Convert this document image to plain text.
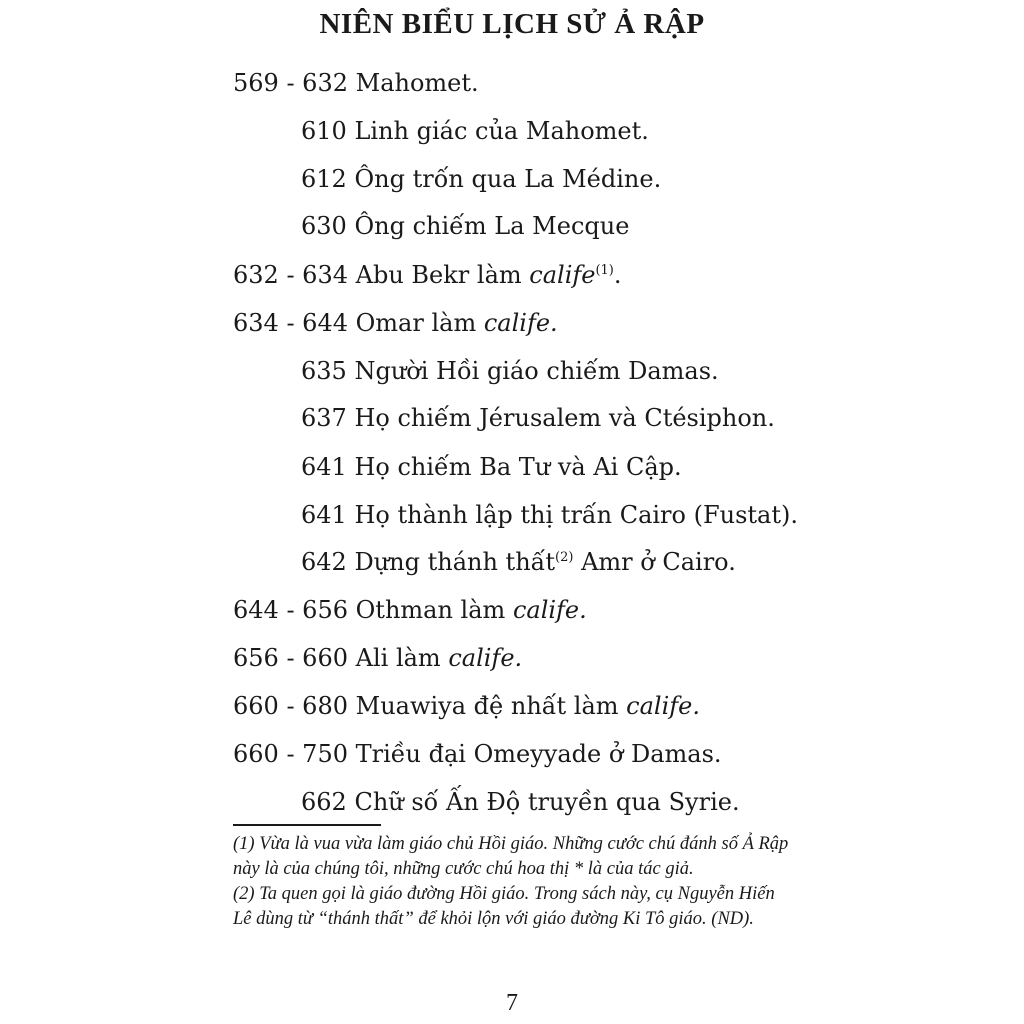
NIÊN BIỂU LỊCH SỬ Ả RẬP
569 - 632 Mahomet.
610 Linh giác của Mahomet.
612 Ông trốn qua La Médine.
630 Ông chiếm La Mecque
632 - 634 Abu Bekr làm calife$^{(1)}$.
634 - 644 Omar làm calife.
635 Người Hồi giáo chiếm Damas.
637 Họ chiếm Jérusalem và Ctésiphon.
641 Họ chiếm Ba Tư và Ai Cập.
641 Họ thành lập thị trấn Cairo (Fustat).
642 Dựng thánh thất$^{(2)}$ Amr ở Cairo.
644 - 656 Othman làm calife.
656 - 660 Ali làm calife.
660 - 680 Muawiya đệ nhất làm calife.
660 - 750 Triều đại Omeyyade ở Damas.
662 Chữ số Ấn Độ truyền qua Syrie.
(1) Vừa là vua vừa làm giáo chủ Hồi giáo. Những cước chú đánh số Ả Rập này là của chúng tôi, những cước chú hoa thị * là của tác giả.
(2) Ta quen gọi là giáo đường Hồi giáo. Trong sách này, cụ Nguyễn Hiến Lê dùng từ “thánh thất” để khỏi lộn với giáo đường Ki Tô giáo. (ND).
7
